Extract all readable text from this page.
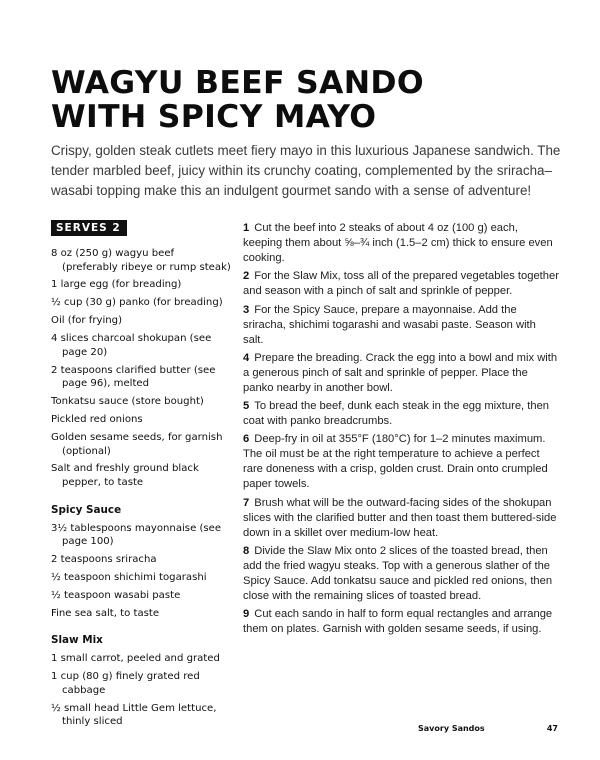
WAGYU BEEF SANDO
WITH SPICY MAYO

Crispy, golden steak cutlets meet fiery mayo in this luxurious Japanese sandwich. The tender marbled beef, juicy within its crunchy coating, complemented by the sriracha–wasabi topping make this an indulgent gourmet sando with a sense of adventure!

SERVES 2
8 oz (250 g) wagyu beef (preferably ribeye or rump steak)
1 large egg (for breading)
½ cup (30 g) panko (for breading)
Oil (for frying)
4 slices charcoal shokupan (see page 20)
2 teaspoons clarified butter (see page 96), melted
Tonkatsu sauce (store bought)
Pickled red onions
Golden sesame seeds, for garnish (optional)
Salt and freshly ground black pepper, to taste
Spicy Sauce
3½ tablespoons mayonnaise (see page 100)
2 teaspoons sriracha
½ teaspoon shichimi togarashi
½ teaspoon wasabi paste
Fine sea salt, to taste
Slaw Mix
1 small carrot, peeled and grated
1 cup (80 g) finely grated red cabbage
½ small head Little Gem lettuce, thinly sliced

1 Cut the beef into 2 steaks of about 4 oz (100 g) each, keeping them about ⅝–¾ inch (1.5–2 cm) thick to ensure even cooking.

2 For the Slaw Mix, toss all of the prepared vegetables together and season with a pinch of salt and sprinkle of pepper.

3 For the Spicy Sauce, prepare a mayonnaise. Add the sriracha, shichimi togarashi and wasabi paste. Season with salt.

4 Prepare the breading. Crack the egg into a bowl and mix with a generous pinch of salt and sprinkle of pepper. Place the panko nearby in another bowl.

5 To bread the beef, dunk each steak in the egg mixture, then coat with panko breadcrumbs.

6 Deep-fry in oil at 355°F (180°C) for 1–2 minutes maximum. The oil must be at the right temperature to achieve a perfect rare doneness with a crisp, golden crust. Drain onto crumpled paper towels.

7 Brush what will be the outward-facing sides of the shokupan slices with the clarified butter and then toast them buttered-side down in a skillet over medium-low heat.

8 Divide the Slaw Mix onto 2 slices of the toasted bread, then add the fried wagyu steaks. Top with a generous slather of the Spicy Sauce. Add tonkatsu sauce and pickled red onions, then close with the remaining slices of toasted bread.

9 Cut each sando in half to form equal rectangles and arrange them on plates. Garnish with golden sesame seeds, if using.

Savory Sandos	47
